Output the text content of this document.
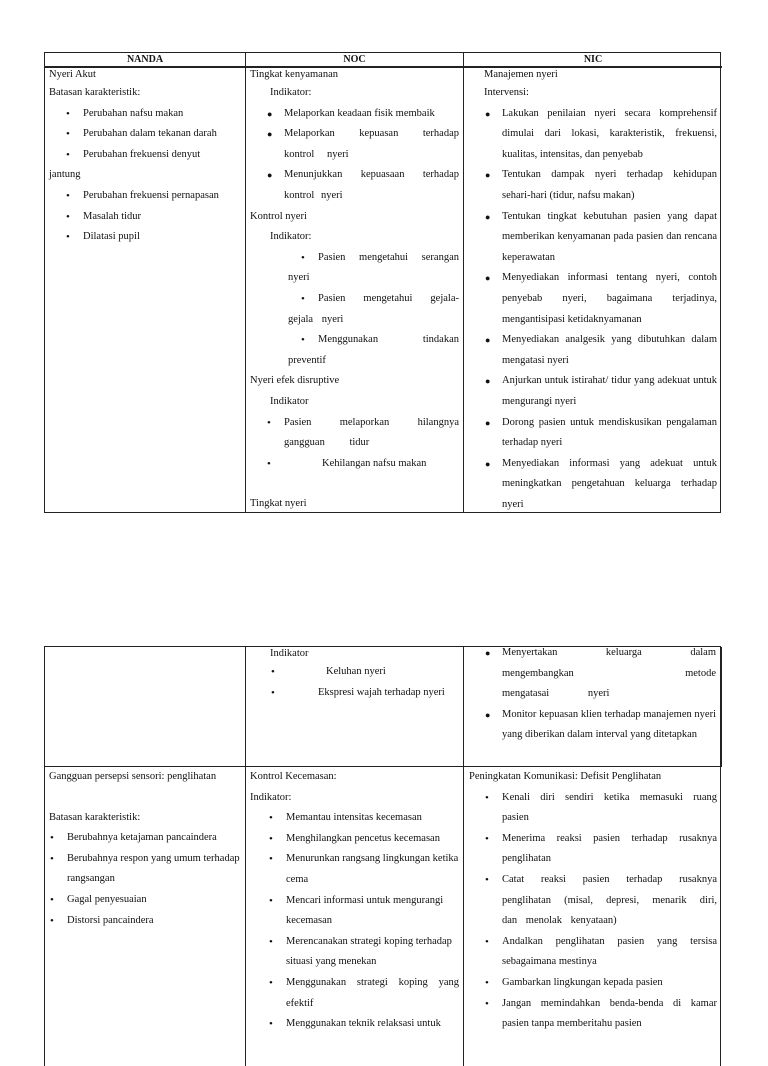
NANDA	NOC	NIC
Nyeri Akut
Batasan karakteristik:
• Perubahan nafsu makan
• Perubahan dalam tekanan darah
• Perubahan frekuensi denyut
jantung
• Perubahan frekuensi pernapasan
• Masalah tidur
• Dilatasi pupil
Tingkat kenyamanan
Indikator:
● Melaporkan keadaan fisik membaik
● Melaporkan kepuasan terhadap kontrol nyeri
● Menunjukkan kepuasaan terhadap kontrol nyeri
Kontrol nyeri
Indikator:
• Pasien mengetahui serangan nyeri
• Pasien mengetahui gejala-gejala nyeri
• Menggunakan tindakan preventif
Nyeri efek disruptive
Indikator
• Pasien melaporkan hilangnya gangguan tidur
• Kehilangan nafsu makan
Tingkat nyeri
Manajemen nyeri
Intervensi:
● Lakukan penilaian nyeri secara komprehensif dimulai dari lokasi, karakteristik, frekuensi, kualitas, intensitas, dan penyebab
● Tentukan dampak nyeri terhadap kehidupan sehari-hari (tidur, nafsu makan)
● Tentukan tingkat kebutuhan pasien yang dapat memberikan kenyamanan pada pasien dan rencana keperawatan
● Menyediakan informasi tentang nyeri, contoh penyebab nyeri, bagaimana terjadinya, mengantisipasi ketidaknyamanan
● Menyediakan analgesik yang dibutuhkan dalam mengatasi nyeri
● Anjurkan untuk istirahat/ tidur yang adekuat untuk mengurangi nyeri
● Dorong pasien untuk mendiskusikan pengalaman terhadap nyeri
● Menyediakan informasi yang adekuat untuk meningkatkan pengetahuan keluarga terhadap nyeri
Indikator
• Keluhan nyeri
• Ekspresi wajah terhadap nyeri
● Menyertakan keluarga dalam mengembangkan metode mengatasai nyeri
● Monitor kepuasan klien terhadap manajemen nyeri yang diberikan dalam interval yang ditetapkan
Gangguan persepsi sensori: penglihatan
Batasan karakteristik:
• Berubahnya ketajaman pancaindera
• Berubahnya respon yang umum terhadap rangsangan
• Gagal penyesuaian
• Distorsi pancaindera
Kontrol Kecemasan:
Indikator:
• Memantau intensitas kecemasan
• Menghilangkan pencetus kecemasan
• Menurunkan rangsang lingkungan ketika cema
• Mencari informasi untuk mengurangi kecemasan
• Merencanakan strategi koping terhadap situasi yang menekan
• Menggunakan strategi koping yang efektif
• Menggunakan teknik relaksasi untuk
Peningkatan Komunikasi: Defisit Penglihatan
• Kenali diri sendiri ketika memasuki ruang pasien
• Menerima reaksi pasien terhadap rusaknya penglihatan
• Catat reaksi pasien terhadap rusaknya penglihatan (misal, depresi, menarik diri, dan menolak kenyataan)
• Andalkan penglihatan pasien yang tersisa sebagaimana mestinya
• Gambarkan lingkungan kepada pasien
• Jangan memindahkan benda-benda di kamar pasien tanpa memberitahu pasien
